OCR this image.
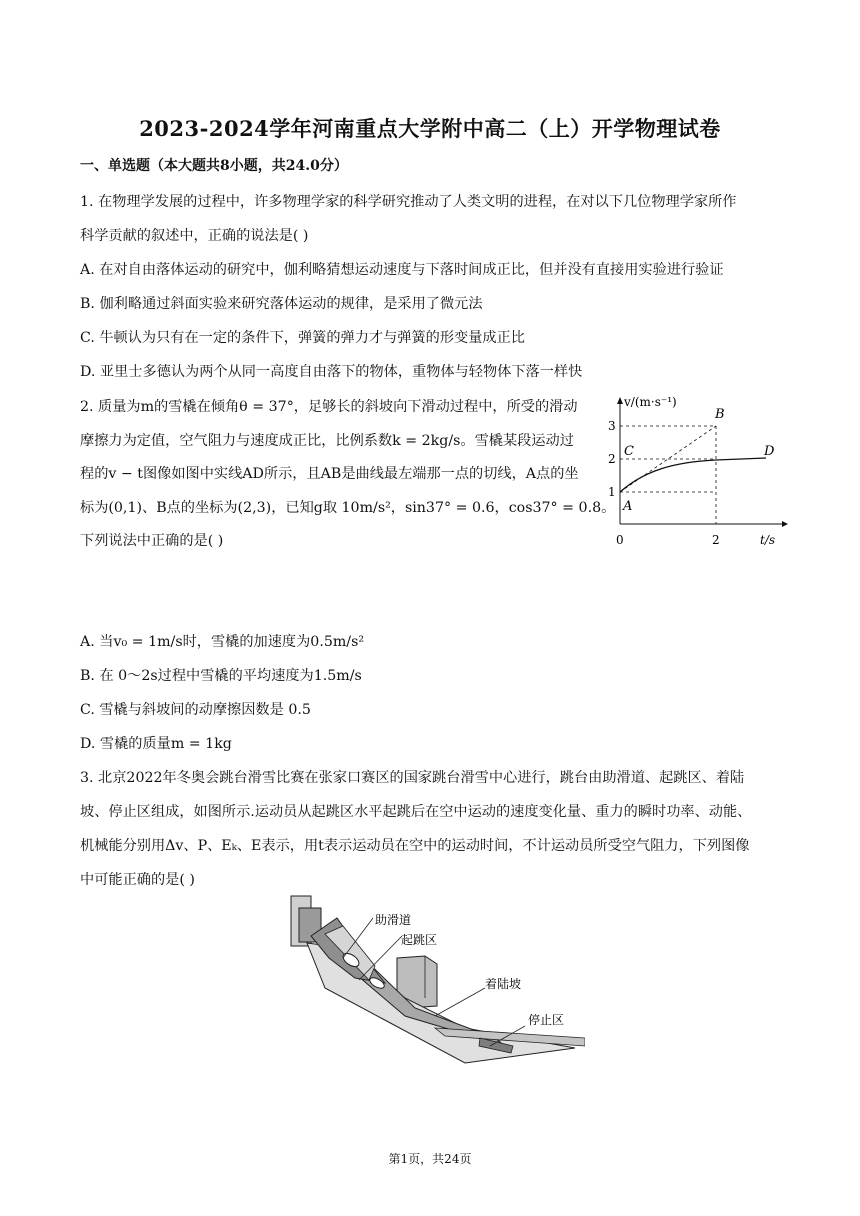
2023-2024学年河南重点大学附中高二（上）开学物理试卷
一、单选题（本大题共8小题，共24.0分）
1. 在物理学发展的过程中，许多物理学家的科学研究推动了人类文明的进程，在对以下几位物理学家所作
科学贡献的叙述中，正确的说法是( )
A. 在对自由落体运动的研究中，伽利略猜想运动速度与下落时间成正比，但并没有直接用实验进行验证
B. 伽利略通过斜面实验来研究落体运动的规律，是采用了微元法
C. 牛顿认为只有在一定的条件下，弹簧的弹力才与弹簧的形变量成正比
D. 亚里士多德认为两个从同一高度自由落下的物体，重物体与轻物体下落一样快
2. 质量为m的雪橇在倾角θ = 37°，足够长的斜坡向下滑动过程中，所受的滑动
摩擦力为定值，空气阻力与速度成正比，比例系数k = 2kg/s。雪橇某段运动过
程的v − t图像如图中实线AD所示，且AB是曲线最左端那一点的切线，A点的坐
标为(0,1)、B点的坐标为(2,3)，已知g取 10m/s²，sin37° = 0.6，cos37° = 0.8。
下列说法中正确的是( )
v/(m·s⁻¹)
t/s
0
3
2
1
2
B
C
A
D
A. 当v₀ = 1m/s时，雪橇的加速度为0.5m/s²
B. 在 0～2s过程中雪橇的平均速度为1.5m/s
C. 雪橇与斜坡间的动摩擦因数是 0.5
D. 雪橇的质量m = 1kg
3. 北京2022年冬奥会跳台滑雪比赛在张家口赛区的国家跳台滑雪中心进行，跳台由助滑道、起跳区、着陆
坡、停止区组成，如图所示.运动员从起跳区水平起跳后在空中运动的速度变化量、重力的瞬时功率、动能、
机械能分别用Δv、P、Eₖ、E表示，用t表示运动员在空中的运动时间，不计运动员所受空气阻力，下列图像
中可能正确的是( )
助滑道
起跳区
着陆坡
停止区
第1页，共24页
